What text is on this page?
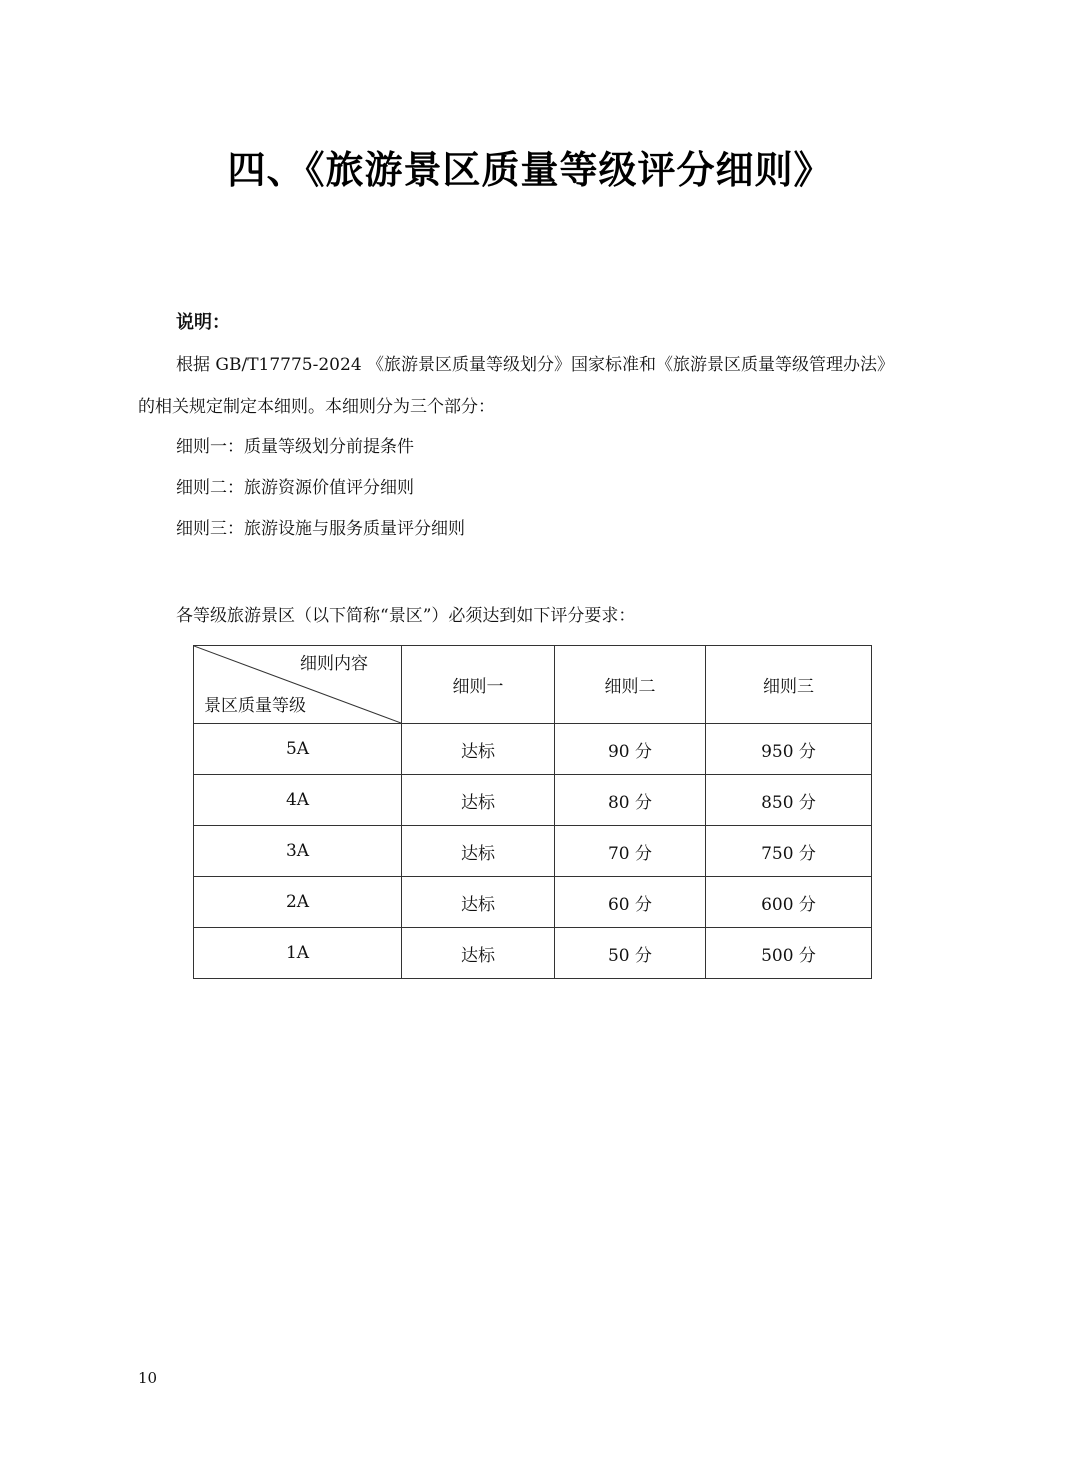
四、《旅游景区质量等级评分细则》
说明：
根据 GB/T17775-2024 《旅游景区质量等级划分》国家标准和《旅游景区质量等级管理办法》
的相关规定制定本细则。本细则分为三个部分：
细则一：质量等级划分前提条件
细则二：旅游资源价值评分细则
细则三：旅游设施与服务质量评分细则
各等级旅游景区（以下简称“景区”）必须达到如下评分要求：
细则内容
景区质量等级	细则一	细则二	细则三
5A	达标	90 分	950 分
4A	达标	80 分	850 分
3A	达标	70 分	750 分
2A	达标	60 分	600 分
1A	达标	50 分	500 分
10
